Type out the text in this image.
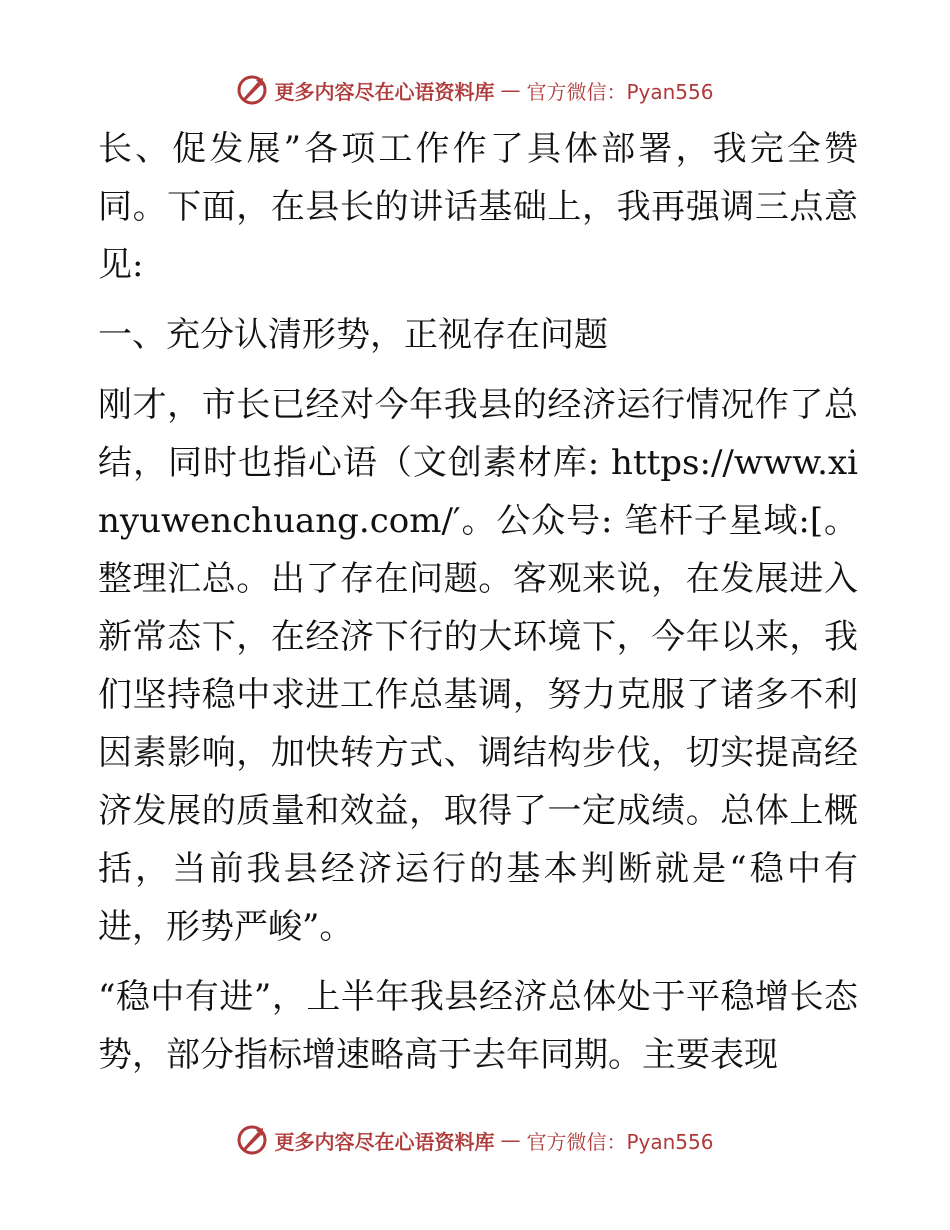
更多内容尽在心语资料库 — 官方微信：Pyan556

长、促发展”各项工作作了具体部署，我完全赞同。下面，在县长的讲话基础上，我再强调三点意见:

一、充分认清形势，正视存在问题

刚才，市长已经对今年我县的经济运行情况作了总结，同时也指心语（文创素材库: https://www.xinyuwenchuang.com/′。公众号: 笔杆子星域:[。整理汇总。出了存在问题。客观来说，在发展进入新常态下，在经济下行的大环境下，今年以来，我们坚持稳中求进工作总基调，努力克服了诸多不利因素影响，加快转方式、调结构步伐，切实提高经济发展的质量和效益，取得了一定成绩。总体上概括，当前我县经济运行的基本判断就是“稳中有进，形势严峻”。

“稳中有进”，上半年我县经济总体处于平稳增长态势，部分指标增速略高于去年同期。主要表现

更多内容尽在心语资料库 — 官方微信：Pyan556
